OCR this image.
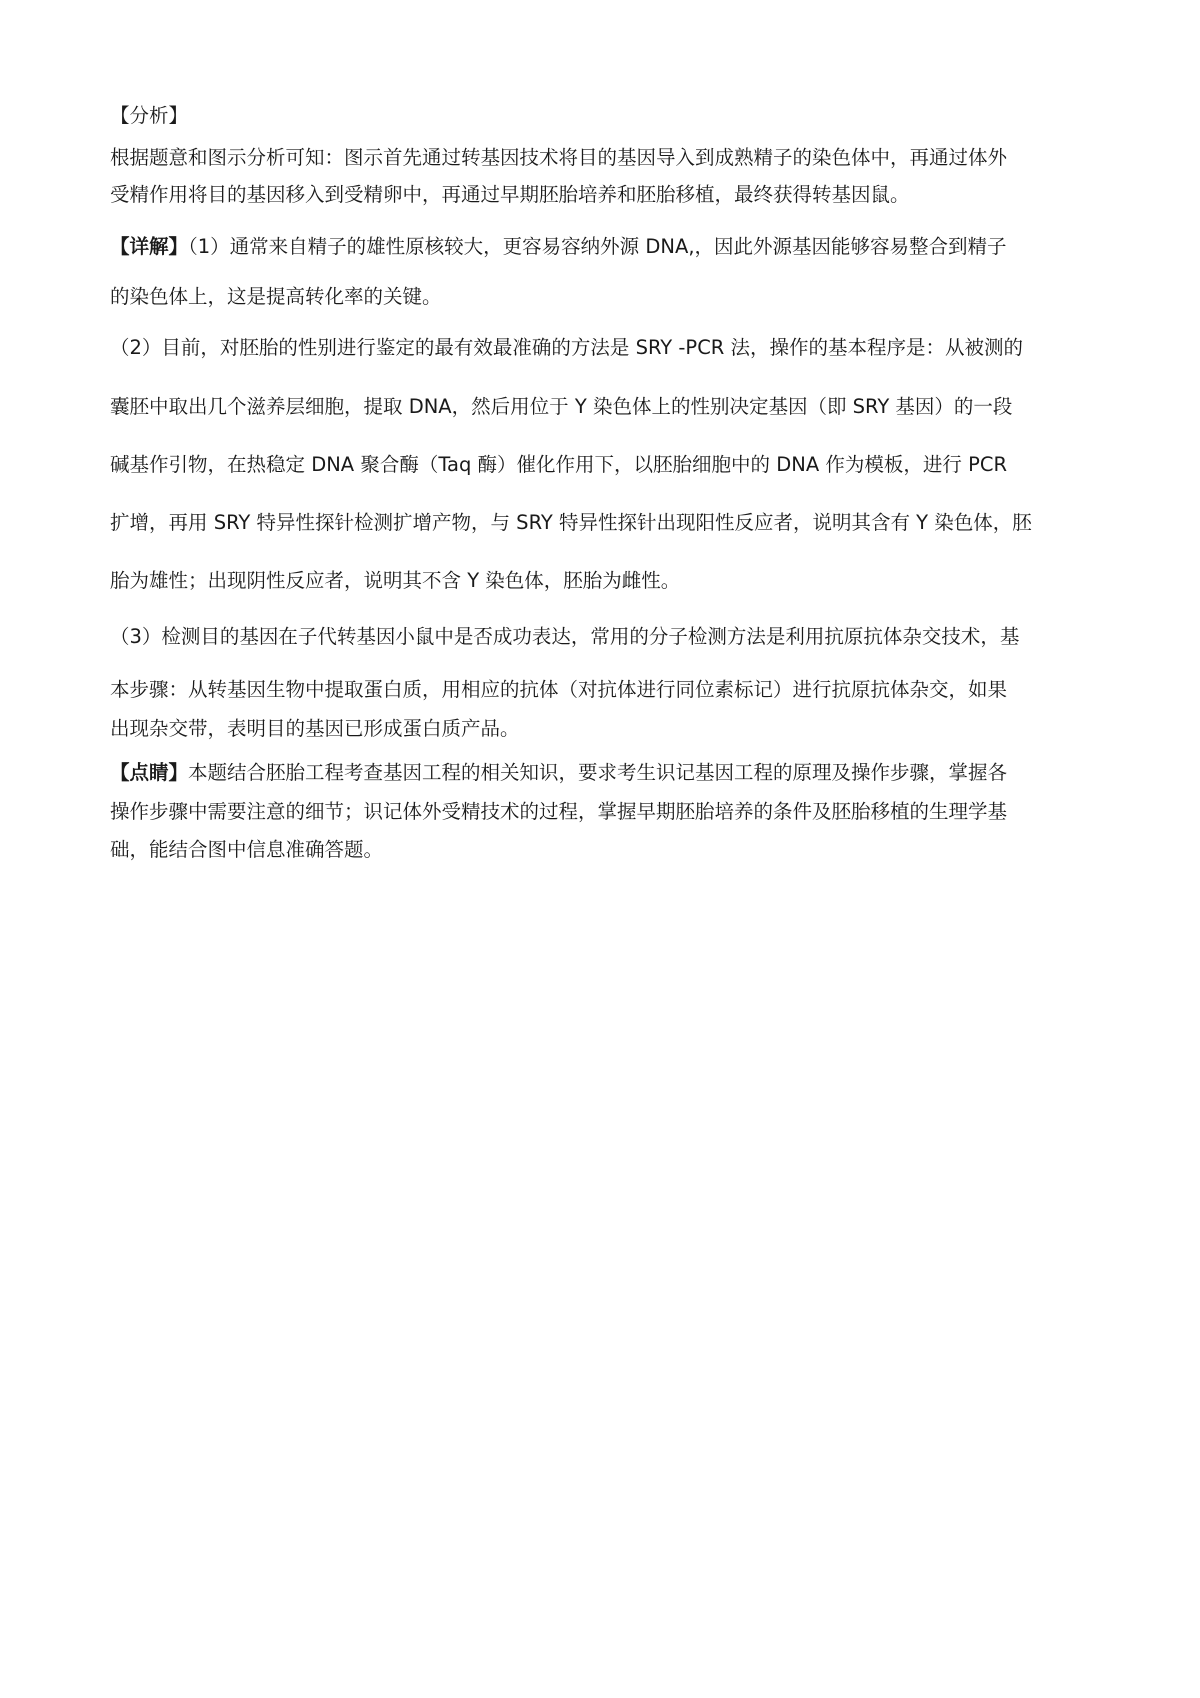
【分析】
根据题意和图示分析可知：图示首先通过转基因技术将目的基因导入到成熟精子的染色体中，再通过体外
受精作用将目的基因移入到受精卵中，再通过早期胚胎培养和胚胎移植，最终获得转基因鼠。
【详解】（1）通常来自精子的雄性原核较大，更容易容纳外源 DNA,，因此外源基因能够容易整合到精子
的染色体上，这是提高转化率的关键。
（2）目前，对胚胎的性别进行鉴定的最有效最准确的方法是 SRY -PCR 法，操作的基本程序是：从被测的
囊胚中取出几个滋养层细胞，提取 DNA，然后用位于 Y 染色体上的性别决定基因（即 SRY 基因）的一段
碱基作引物，在热稳定 DNA 聚合酶（Taq 酶）催化作用下，以胚胎细胞中的 DNA 作为模板，进行 PCR
扩增，再用 SRY 特异性探针检测扩增产物，与 SRY 特异性探针出现阳性反应者，说明其含有 Y 染色体，胚
胎为雄性；出现阴性反应者，说明其不含 Y 染色体，胚胎为雌性。
（3）检测目的基因在子代转基因小鼠中是否成功表达，常用的分子检测方法是利用抗原抗体杂交技术，基
本步骤：从转基因生物中提取蛋白质，用相应的抗体（对抗体进行同位素标记）进行抗原抗体杂交，如果
出现杂交带，表明目的基因已形成蛋白质产品。
【点睛】本题结合胚胎工程考查基因工程的相关知识，要求考生识记基因工程的原理及操作步骤，掌握各
操作步骤中需要注意的细节；识记体外受精技术的过程，掌握早期胚胎培养的条件及胚胎移植的生理学基
础，能结合图中信息准确答题。
